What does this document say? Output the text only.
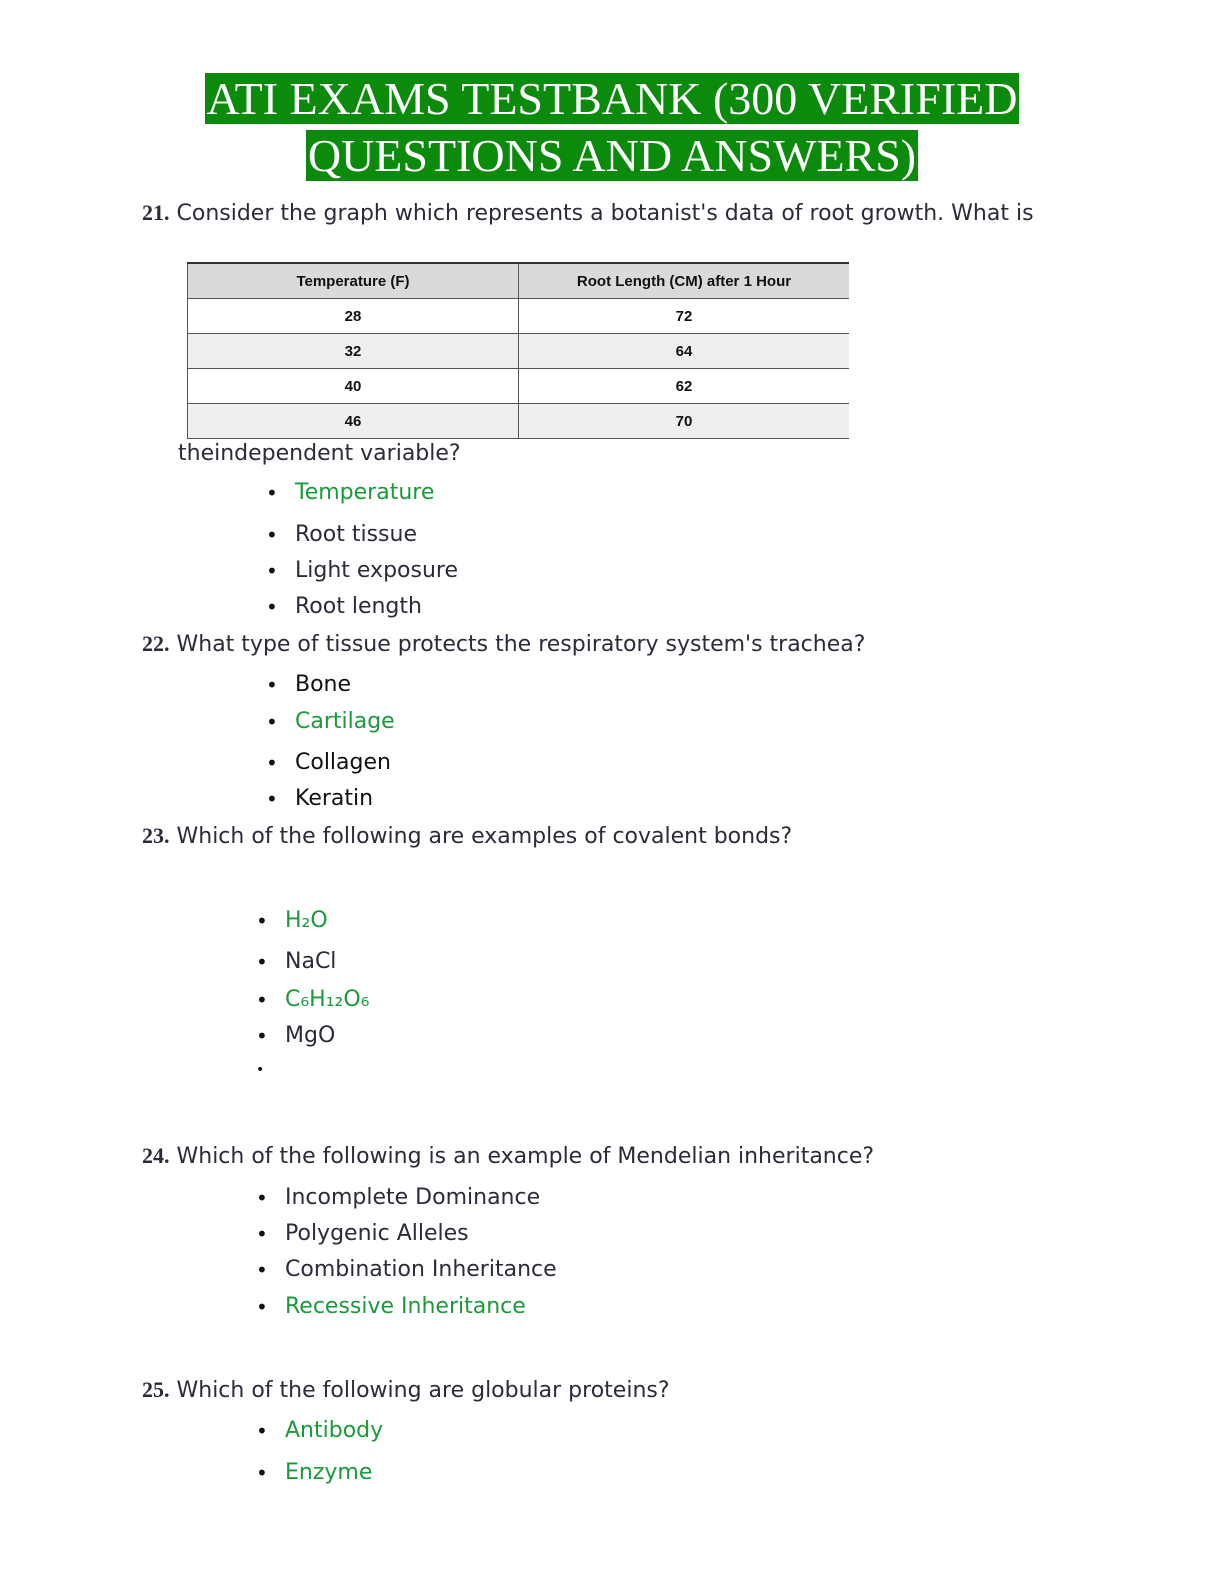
ATI EXAMS TESTBANK (300 VERIFIED
QUESTIONS AND ANSWERS)
21. Consider the graph which represents a botanist's data of root growth. What is
Temperature (F)	Root Length (CM) after 1 Hour
28	72
32	64
40	62
46	70
theindependent variable?
• Temperature
• Root tissue
• Light exposure
• Root length
22. What type of tissue protects the respiratory system's trachea?
• Bone
• Cartilage
• Collagen
• Keratin
23. Which of the following are examples of covalent bonds?
• H₂O
• NaCl
• C₆H₁₂O₆
• MgO
•
24. Which of the following is an example of Mendelian inheritance?
• Incomplete Dominance
• Polygenic Alleles
• Combination Inheritance
• Recessive Inheritance
25. Which of the following are globular proteins?
• Antibody
• Enzyme
